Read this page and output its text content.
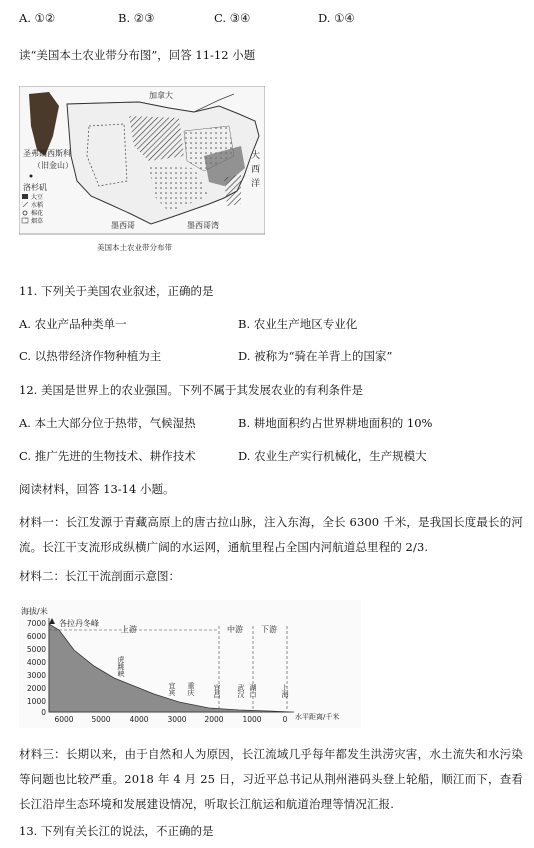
A. ①②	B. ②③	C. ③④	D. ①④
读“美国本土农业带分布图”，回答 11-12 小题
加拿大
圣弗朗西斯科
（旧金山）
洛杉矶
大
西
洋
墨西哥	墨西哥湾
大豆
水稻
棉花
烟草
美国本土农业带分布带
11. 下列关于美国农业叙述，正确的是
A. 农业产品种类单一	B. 农业生产地区专业化
C. 以热带经济作物种植为主	D. 被称为“骑在羊背上的国家”
12. 美国是世界上的农业强国。下列不属于其发展农业的有利条件是
A. 本土大部分位于热带，气候湿热	B. 耕地面积约占世界耕地面积的 10%
C. 推广先进的生物技术、耕作技术	D. 农业生产实行机械化，生产规模大
阅读材料，回答 13-14 小题。
材料一：长江发源于青藏高原上的唐古拉山脉，注入东海，全长 6300 千米，是我国长度最长的河流。长江干支流形成纵横广阔的水运网，通航里程占全国内河航道总里程的 2/3.
材料二：长江干流剖面示意图：
海拔/米
7000
6000
5000
4000
3000
2000
1000
0
各拉丹冬峰
上游	中游 下游
虎跳峡
宜宾 重庆	宜昌 武汉 湖口	上海
6000 5000	4000	3000 2000	1000	0 水平距离/千米
材料三：长期以来，由于自然和人为原因，长江流域几乎每年都发生洪涝灾害，水土流失和水污染等问题也比较严重。2018 年 4 月 25 日，习近平总书记从荆州港码头登上轮船，顺江而下，查看长江沿岸生态环境和发展建设情况，听取长江航运和航道治理等情况汇报.
13. 下列有关长江的说法，不正确的是
